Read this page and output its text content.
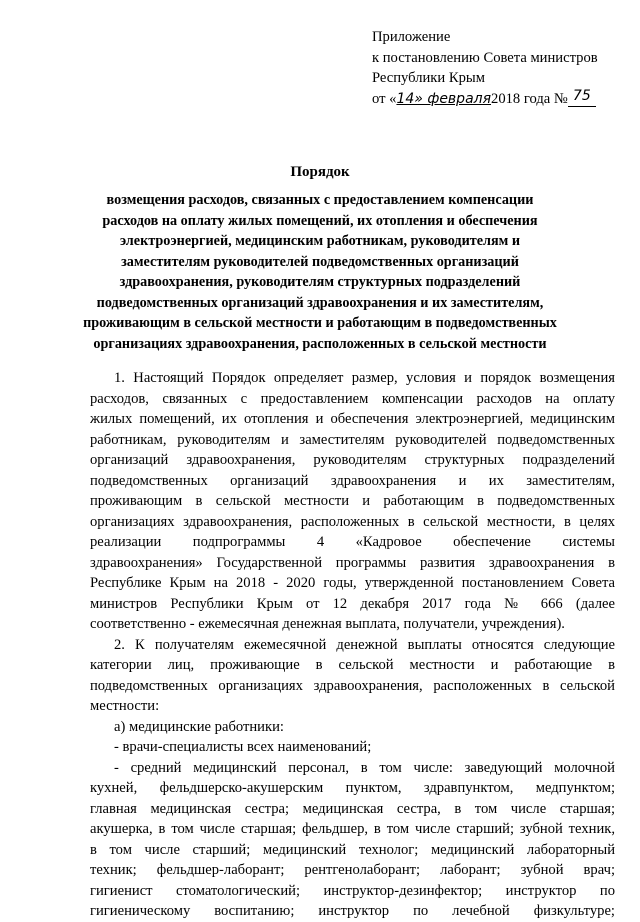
Приложение
к постановлению Совета министров
Республики Крым
от «14» февраля2018 года № 75
Порядок
возмещения расходов, связанных с предоставлением компенсации
расходов на оплату жилых помещений, их отопления и обеспечения
электроэнергией, медицинским работникам, руководителям и
заместителям руководителей подведомственных организаций
здравоохранения, руководителям структурных подразделений
подведомственных организаций здравоохранения и их заместителям,
проживающим в сельской местности и работающим в подведомственных
организациях здравоохранения, расположенных в сельской местности
1. Настоящий Порядок определяет размер, условия и порядок возмещения
расходов, связанных с предоставлением компенсации расходов на оплату
жилых помещений, их отопления и обеспечения электроэнергией, медицинским
работникам, руководителям и заместителям руководителей подведомственных
организаций здравоохранения, руководителям структурных подразделений
подведомственных организаций здравоохранения и их заместителям,
проживающим в сельской местности и работающим в подведомственных
организациях здравоохранения, расположенных в сельской местности, в целях
реализации подпрограммы 4 «Кадровое обеспечение системы
здравоохранения» Государственной программы развития здравоохранения в
Республике Крым на 2018 - 2020 годы, утвержденной постановлением Совета
министров Республики Крым от 12 декабря 2017 года № 666 (далее
соответственно - ежемесячная денежная выплата, получатели, учреждения).
2. К получателям ежемесячной денежной выплаты относятся следующие
категории лиц, проживающие в сельской местности и работающие в
подведомственных организациях здравоохранения, расположенных в сельской
местности:
а) медицинские работники:
- врачи-специалисты всех наименований;
- средний медицинский персонал, в том числе: заведующий молочной
кухней, фельдшерско-акушерским пунктом, здравпунктом, медпунктом;
главная медицинская сестра; медицинская сестра, в том числе старшая;
акушерка, в том числе старшая; фельдшер, в том числе старший; зубной техник,
в том числе старший; медицинский технолог; медицинский лабораторный
техник; фельдшер-лаборант; рентгенолаборант; лаборант; зубной врач;
гигиенист стоматологический; инструктор-дезинфектор; инструктор по
гигиеническому воспитанию; инструктор по лечебной физкультуре;
